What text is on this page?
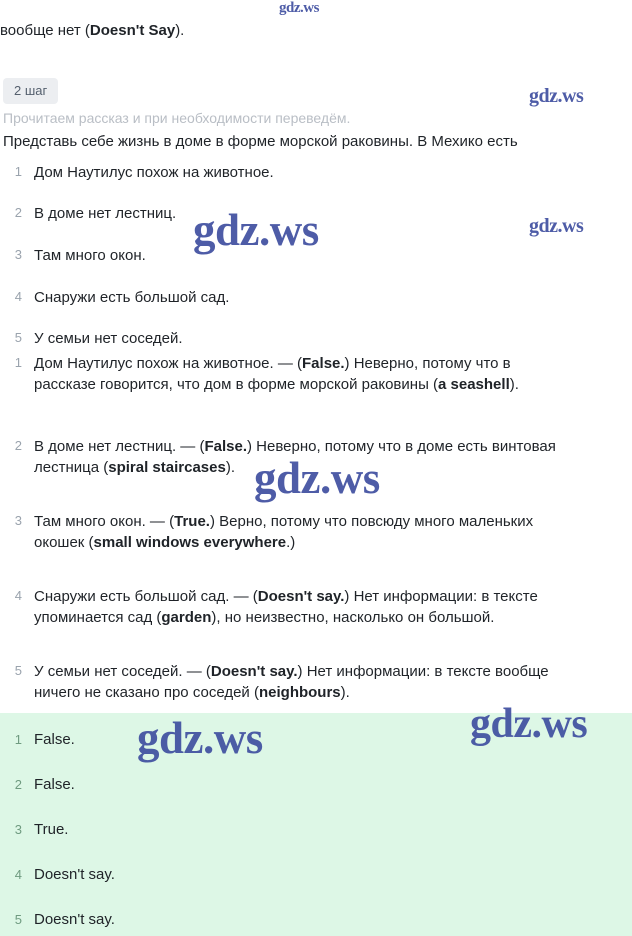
вообще нет (Doesn't Say).
2 шаг
Прочитаем рассказ и при необходимости переведём.
Представь себе жизнь в доме в форме морской раковины. В Мехико есть
1 Дом Наутилус похож на животное.
2 В доме нет лестниц.
3 Там много окон.
4 Снаружи есть большой сад.
5 У семьи нет соседей.
1 Дом Наутилус похож на животное. — (False.) Неверно, потому что в
рассказе говорится, что дом в форме морской раковины (a seashell).
2 В доме нет лестниц. — (False.) Неверно, потому что в доме есть винтовая
лестница (spiral staircases).
3 Там много окон. — (True.) Верно, потому что повсюду много маленьких
окошек (small windows everywhere.)
4 Снаружи есть большой сад. — (Doesn't say.) Нет информации: в тексте
упоминается сад (garden), но неизвестно, насколько он большой.
5 У семьи нет соседей. — (Doesn't say.) Нет информации: в тексте вообще
ничего не сказано про соседей (neighbours).
1 False.
2 False.
3 True.
4 Doesn't say.
5 Doesn't say.
gdz.ws
gdz.ws
gdz.ws	gdz.ws
gdz.ws
gdz.ws	gdz.ws
